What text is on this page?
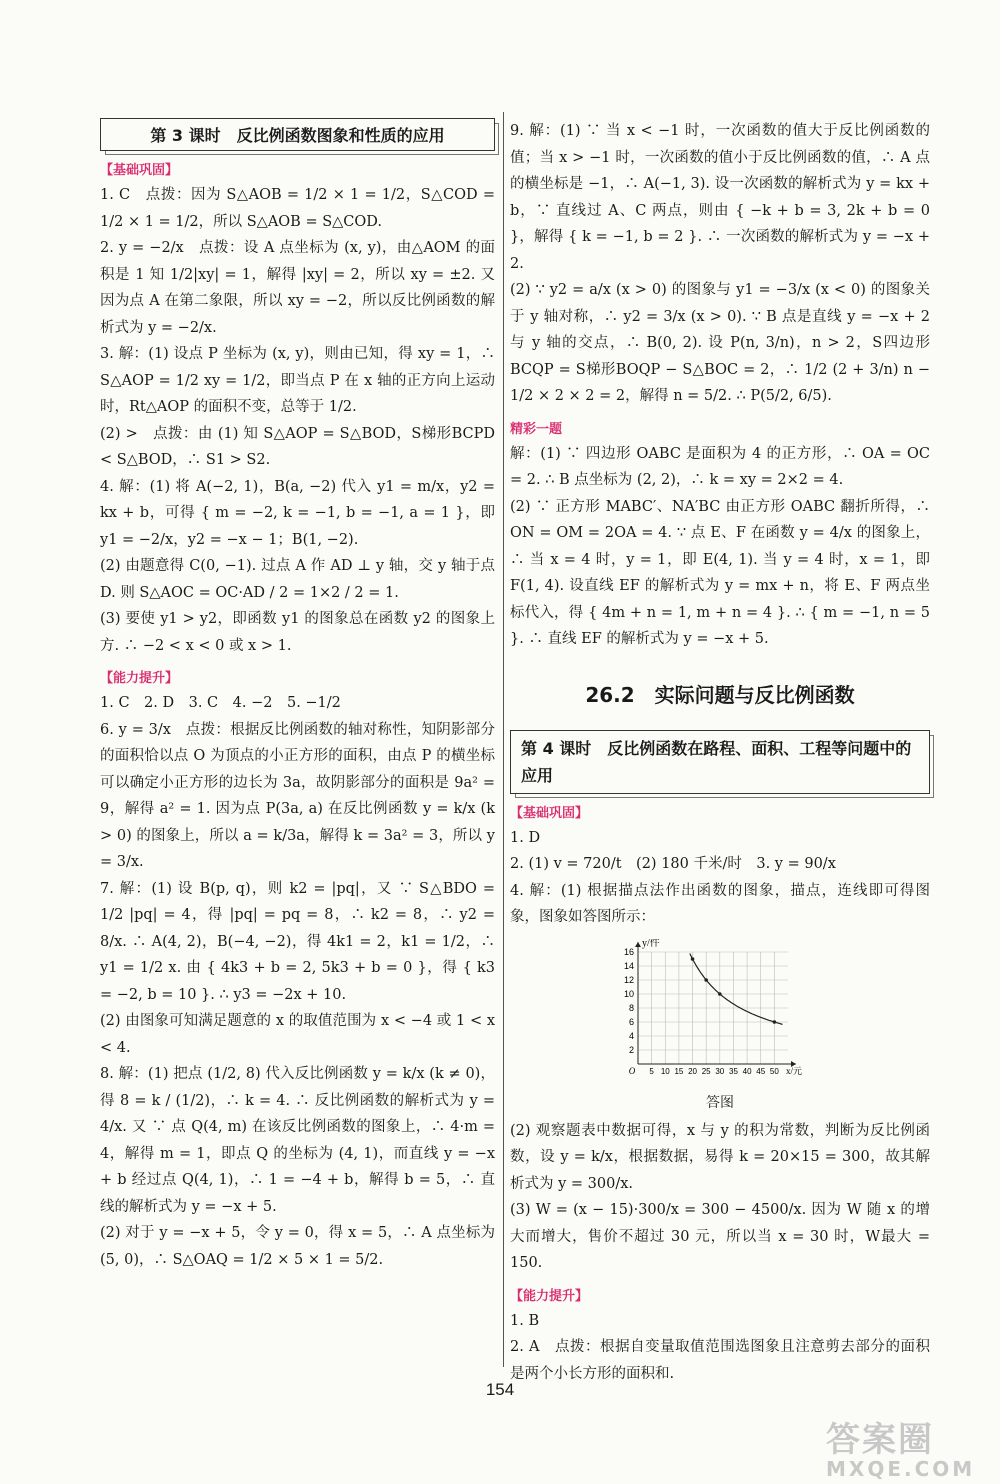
第 3 课时　反比例函数图象和性质的应用
【基础巩固】

1. C　点拨：因为 S△AOB = 1/2 × 1 = 1/2，S△COD = 1/2 × 1 = 1/2，所以 S△AOB = S△COD.

2. y = −2/x　点拨：设 A 点坐标为 (x, y)，由△AOM 的面积是 1 知 1/2|xy| = 1，解得 |xy| = 2，所以 xy = ±2. 又因为点 A 在第二象限，所以 xy = −2，所以反比例函数的解析式为 y = −2/x.

3. 解：(1) 设点 P 坐标为 (x, y)，则由已知，得 xy = 1，∴ S△AOP = 1/2 xy = 1/2，即当点 P 在 x 轴的正方向上运动时，Rt△AOP 的面积不变，总等于 1/2.

(2) >　点拨：由 (1) 知 S△AOP = S△BOD，S梯形BCPD < S△BOD，∴ S1 > S2.

4. 解：(1) 将 A(−2, 1)，B(a, −2) 代入 y1 = m/x，y2 = kx + b，可得 { m = −2, k = −1, b = −1, a = 1 }，即 y1 = −2/x，y2 = −x − 1；B(1, −2).

(2) 由题意得 C(0, −1). 过点 A 作 AD ⊥ y 轴，交 y 轴于点 D. 则 S△AOC = OC·AD / 2 = 1×2 / 2 = 1.

(3) 要使 y1 > y2，即函数 y1 的图象总在函数 y2 的图象上方. ∴ −2 < x < 0 或 x > 1.

【能力提升】

1. C　2. D　3. C　4. −2　5. −1/2

6. y = 3/x　点拨：根据反比例函数的轴对称性，知阴影部分的面积恰以点 O 为顶点的小正方形的面积，由点 P 的横坐标可以确定小正方形的边长为 3a，故阴影部分的面积是 9a² = 9，解得 a² = 1. 因为点 P(3a, a) 在反比例函数 y = k/x (k > 0) 的图象上，所以 a = k/3a，解得 k = 3a² = 3，所以 y = 3/x.

7. 解：(1) 设 B(p, q)，则 k2 = |pq|，又 ∵ S△BDO = 1/2 |pq| = 4，得 |pq| = pq = 8，∴ k2 = 8，∴ y2 = 8/x. ∴ A(4, 2)，B(−4, −2)，得 4k1 = 2，k1 = 1/2，∴ y1 = 1/2 x. 由 { 4k3 + b = 2, 5k3 + b = 0 }，得 { k3 = −2, b = 10 }. ∴ y3 = −2x + 10.

(2) 由图象可知满足题意的 x 的取值范围为 x < −4 或 1 < x < 4.

8. 解：(1) 把点 (1/2, 8) 代入反比例函数 y = k/x (k ≠ 0)，得 8 = k / (1/2)，∴ k = 4. ∴ 反比例函数的解析式为 y = 4/x. 又 ∵ 点 Q(4, m) 在该反比例函数的图象上，∴ 4·m = 4，解得 m = 1，即点 Q 的坐标为 (4, 1)，而直线 y = −x + b 经过点 Q(4, 1)，∴ 1 = −4 + b，解得 b = 5，∴ 直线的解析式为 y = −x + 5.

(2) 对于 y = −x + 5，令 y = 0，得 x = 5，∴ A 点坐标为 (5, 0)，∴ S△OAQ = 1/2 × 5 × 1 = 5/2.

9. 解：(1) ∵ 当 x < −1 时，一次函数的值大于反比例函数的值；当 x > −1 时，一次函数的值小于反比例函数的值，∴ A 点的横坐标是 −1，∴ A(−1, 3). 设一次函数的解析式为 y = kx + b，∵ 直线过 A、C 两点，则由 { −k + b = 3, 2k + b = 0 }，解得 { k = −1, b = 2 }. ∴ 一次函数的解析式为 y = −x + 2.

(2) ∵ y2 = a/x (x > 0) 的图象与 y1 = −3/x (x < 0) 的图象关于 y 轴对称，∴ y2 = 3/x (x > 0). ∵ B 点是直线 y = −x + 2 与 y 轴的交点，∴ B(0, 2). 设 P(n, 3/n)，n > 2，S四边形BCQP = S梯形BOQP − S△BOC = 2，∴ 1/2 (2 + 3/n) n − 1/2 × 2 × 2 = 2，解得 n = 5/2. ∴ P(5/2, 6/5).

精彩一题

解：(1) ∵ 四边形 OABC 是面积为 4 的正方形，∴ OA = OC = 2. ∴ B 点坐标为 (2, 2)，∴ k = xy = 2×2 = 4.

(2) ∵ 正方形 MABC′、NA′BC 由正方形 OABC 翻折所得，∴ ON = OM = 2OA = 4. ∵ 点 E、F 在函数 y = 4/x 的图象上，∴ 当 x = 4 时，y = 1，即 E(4, 1). 当 y = 4 时，x = 1，即 F(1, 4). 设直线 EF 的解析式为 y = mx + n，将 E、F 两点坐标代入，得 { 4m + n = 1, m + n = 4 }. ∴ { m = −1, n = 5 }. ∴ 直线 EF 的解析式为 y = −x + 5.

26.2　实际问题与反比例函数
第 4 课时　反比例函数在路程、面积、工程等问题中的应用
【基础巩固】

1. D

2. (1) v = 720/t　(2) 180 千米/时　3. y = 90/x

4. 解：(1) 根据描点法作出函数的图象，描点，连线即可得图象，图象如答图所示：

16
14
12
10
8
6
4
2
5 10 15 20 25 30 35 40 45 50
O
y/件
x/元
答图

(2) 观察题表中数据可得，x 与 y 的积为常数，判断为反比例函数，设 y = k/x，根据数据，易得 k = 20×15 = 300，故其解析式为 y = 300/x.

(3) W = (x − 15)·300/x = 300 − 4500/x. 因为 W 随 x 的增大而增大，售价不超过 30 元，所以当 x = 30 时，W最大 = 150.

【能力提升】

1. B

2. A　点拨：根据自变量取值范围选图象且注意剪去部分的面积是两个小长方形的面积和.

154
答案圈
MXQE.COM
